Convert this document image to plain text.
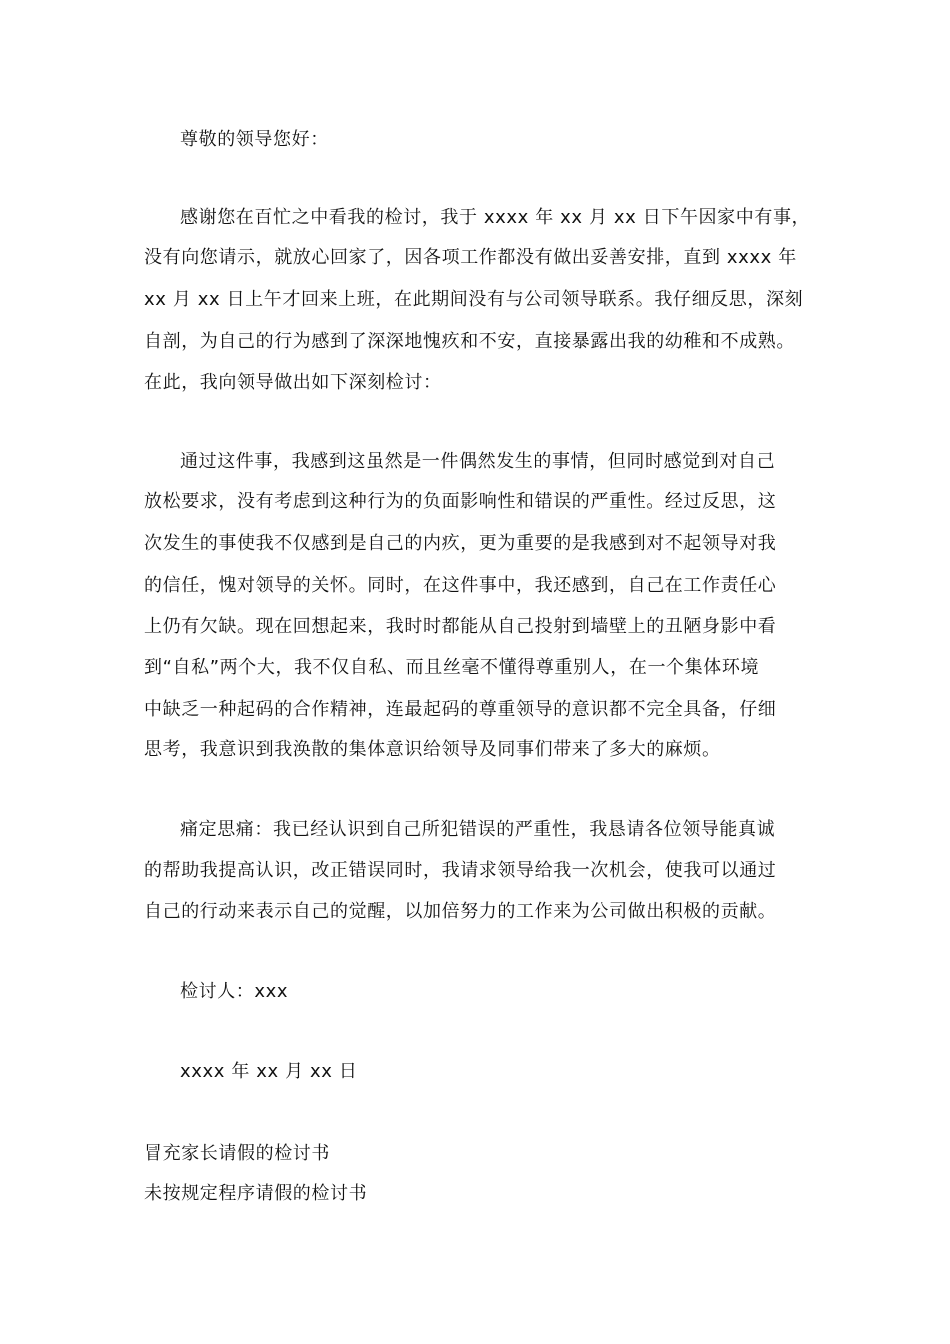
尊敬的领导您好：
感谢您在百忙之中看我的检讨，我于 xxxx 年 xx 月 xx 日下午因家中有事，
没有向您请示，就放心回家了，因各项工作都没有做出妥善安排，直到 xxxx 年
xx 月 xx 日上午才回来上班，在此期间没有与公司领导联系。我仔细反思，深刻
自剖，为自己的行为感到了深深地愧疚和不安，直接暴露出我的幼稚和不成熟。
在此，我向领导做出如下深刻检讨：
通过这件事，我感到这虽然是一件偶然发生的事情，但同时感觉到对自己
放松要求，没有考虑到这种行为的负面影响性和错误的严重性。经过反思，这
次发生的事使我不仅感到是自己的内疚，更为重要的是我感到对不起领导对我
的信任，愧对领导的关怀。同时，在这件事中，我还感到，自己在工作责任心
上仍有欠缺。现在回想起来，我时时都能从自己投射到墙壁上的丑陋身影中看
到“自私”两个大，我不仅自私、而且丝毫不懂得尊重别人，在一个集体环境
中缺乏一种起码的合作精神，连最起码的尊重领导的意识都不完全具备，仔细
思考，我意识到我涣散的集体意识给领导及同事们带来了多大的麻烦。
痛定思痛：我已经认识到自己所犯错误的严重性，我恳请各位领导能真诚
的帮助我提高认识，改正错误同时，我请求领导给我一次机会，使我可以通过
自己的行动来表示自己的觉醒，以加倍努力的工作来为公司做出积极的贡献。
检讨人：xxx
xxxx 年 xx 月 xx 日
冒充家长请假的检讨书
未按规定程序请假的检讨书
